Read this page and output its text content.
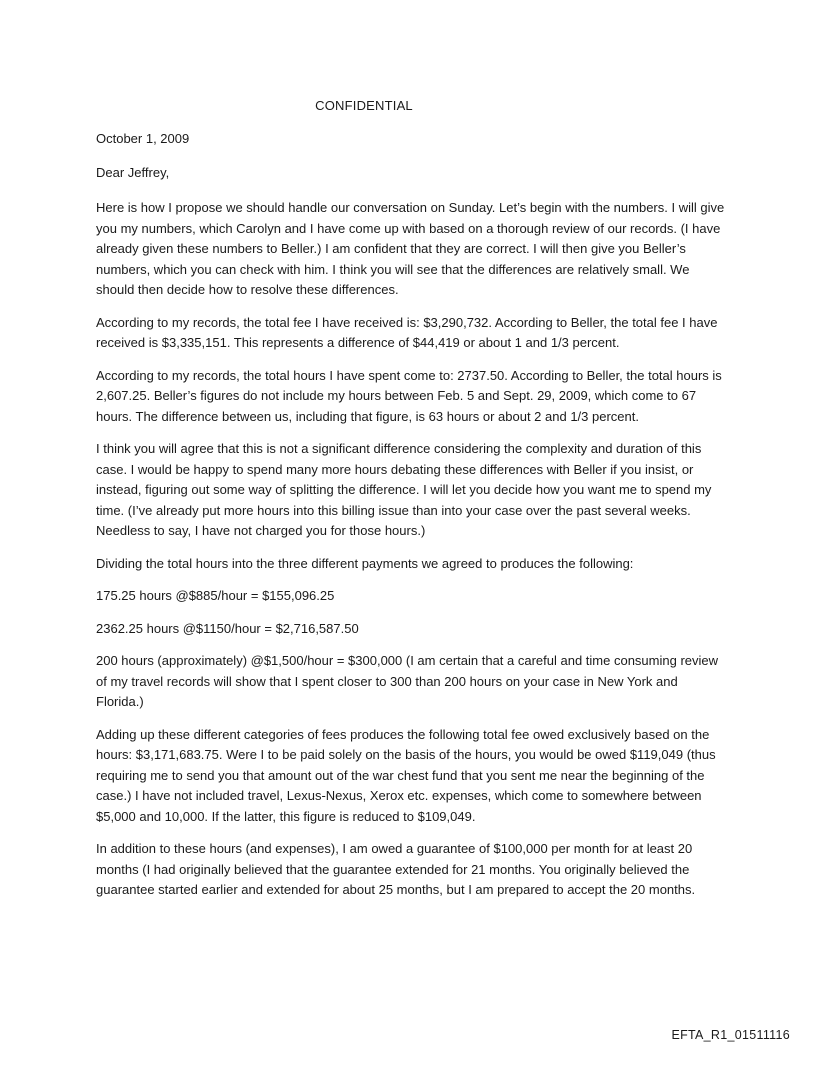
CONFIDENTIAL
October 1, 2009
Dear Jeffrey,

Here is how I propose we should handle our conversation on Sunday. Let’s begin with the numbers. I will give you my numbers, which Carolyn and I have come up with based on a thorough review of our records. (I have already given these numbers to Beller.) I am confident that they are correct. I will then give you Beller’s numbers, which you can check with him. I think you will see that the differences are relatively small. We should then decide how to resolve these differences.

According to my records, the total fee I have received is: $3,290,732. According to Beller, the total fee I have received is $3,335,151. This represents a difference of $44,419 or about 1 and 1/3 percent.

According to my records, the total hours I have spent come to: 2737.50. According to Beller, the total hours is 2,607.25. Beller’s figures do not include my hours between Feb. 5 and Sept. 29, 2009, which come to 67 hours. The difference between us, including that figure, is 63 hours or about 2 and 1/3 percent.

I think you will agree that this is not a significant difference considering the complexity and duration of this case. I would be happy to spend many more hours debating these differences with Beller if you insist, or instead, figuring out some way of splitting the difference. I will let you decide how you want me to spend my time. (I’ve already put more hours into this billing issue than into your case over the past several weeks. Needless to say, I have not charged you for those hours.)

Dividing the total hours into the three different payments we agreed to produces the following:

175.25 hours @$885/hour = $155,096.25

2362.25 hours @$1150/hour = $2,716,587.50

200 hours (approximately) @$1,500/hour = $300,000 (I am certain that a careful and time consuming review of my travel records will show that I spent closer to 300 than 200 hours on your case in New York and Florida.)

Adding up these different categories of fees produces the following total fee owed exclusively based on the hours: $3,171,683.75. Were I to be paid solely on the basis of the hours, you would be owed $119,049 (thus requiring me to send you that amount out of the war chest fund that you sent me near the beginning of the case.) I have not included travel, Lexus-Nexus, Xerox etc. expenses, which come to somewhere between $5,000 and 10,000. If the latter, this figure is reduced to $109,049.

In addition to these hours (and expenses), I am owed a guarantee of $100,000 per month for at least 20 months (I had originally believed that the guarantee extended for 21 months. You originally believed the guarantee started earlier and extended for about 25 months, but I am prepared to accept the 20 months.

EFTA_R1_01511116
